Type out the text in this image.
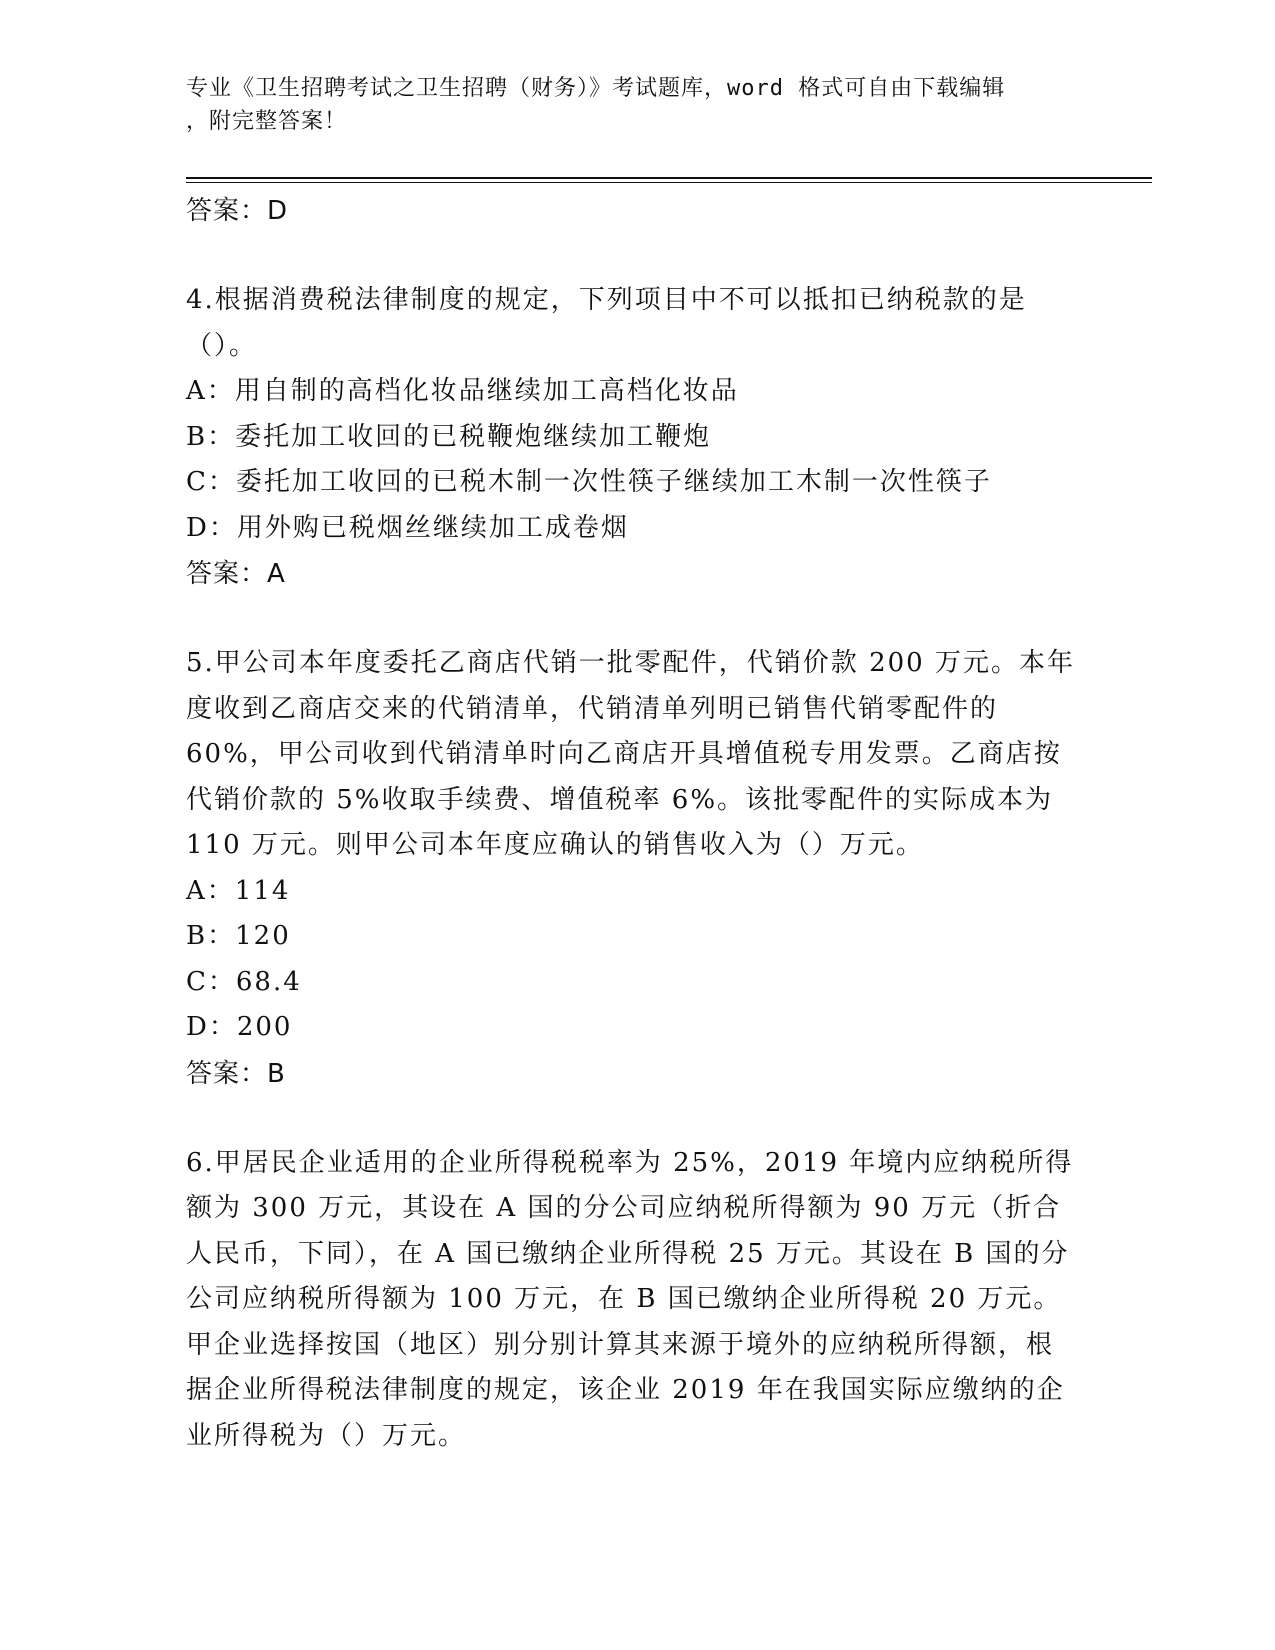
专业《卫生招聘考试之卫生招聘（财务）》考试题库，word 格式可自由下载编辑
，附完整答案！
答案：D

4.根据消费税法律制度的规定，下列项目中不可以抵扣已纳税款的是（）。

A：用自制的高档化妆品继续加工高档化妆品
B：委托加工收回的已税鞭炮继续加工鞭炮
C：委托加工收回的已税木制一次性筷子继续加工木制一次性筷子
D：用外购已税烟丝继续加工成卷烟
答案：A

5.甲公司本年度委托乙商店代销一批零配件，代销价款 200 万元。本年度收到乙商店交来的代销清单，代销清单列明已销售代销零配件的 60%，甲公司收到代销清单时向乙商店开具增值税专用发票。乙商店按代销价款的 5%收取手续费、增值税率 6%。该批零配件的实际成本为 110 万元。则甲公司本年度应确认的销售收入为（）万元。

A：114
B：120
C：68.4
D：200
答案：B

6.甲居民企业适用的企业所得税税率为 25%，2019 年境内应纳税所得额为 300 万元，其设在 A 国的分公司应纳税所得额为 90 万元（折合人民币，下同），在 A 国已缴纳企业所得税 25 万元。其设在 B 国的分公司应纳税所得额为 100 万元，在 B 国已缴纳企业所得税 20 万元。甲企业选择按国（地区）别分别计算其来源于境外的应纳税所得额，根据企业所得税法律制度的规定，该企业 2019 年在我国实际应缴纳的企业所得税为（）万元。
